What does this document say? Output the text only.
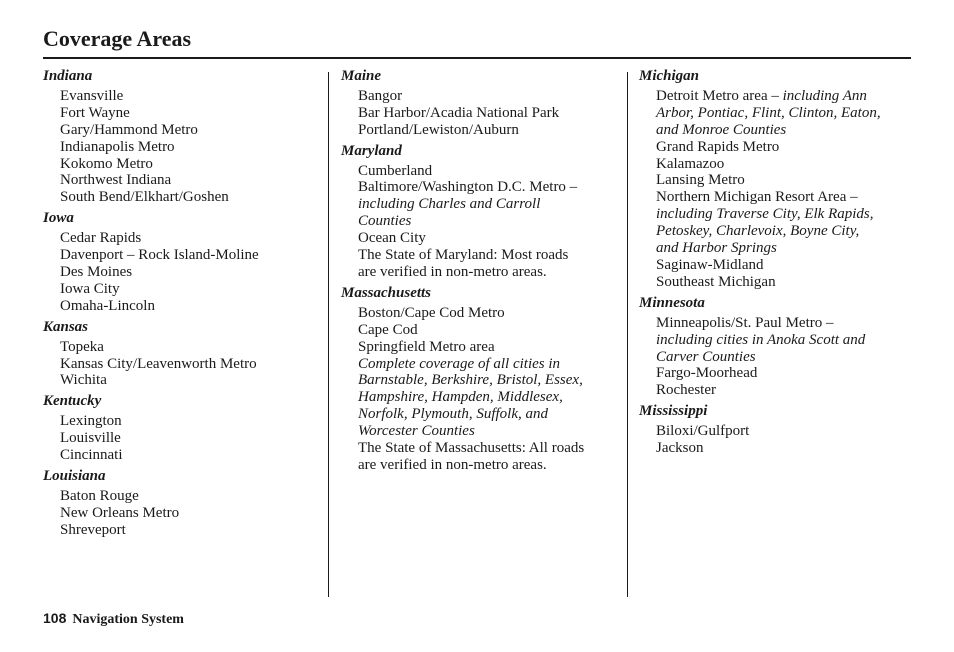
Coverage Areas
Indiana
Evansville
Fort Wayne
Gary/Hammond Metro
Indianapolis Metro
Kokomo Metro
Northwest Indiana
South Bend/Elkhart/Goshen
Iowa
Cedar Rapids
Davenport – Rock Island-Moline
Des Moines
Iowa City
Omaha-Lincoln
Kansas
Topeka
Kansas City/Leavenworth Metro
Wichita
Kentucky
Lexington
Louisville
Cincinnati
Louisiana
Baton Rouge
New Orleans Metro
Shreveport
Maine
Bangor
Bar Harbor/Acadia National Park
Portland/Lewiston/Auburn
Maryland
Cumberland
Baltimore/Washington D.C. Metro –
including Charles and Carroll
Counties
Ocean City
The State of Maryland: Most roads
are verified in non-metro areas.
Massachusetts
Boston/Cape Cod Metro
Cape Cod
Springfield Metro area
Complete coverage of all cities in
Barnstable, Berkshire, Bristol, Essex,
Hampshire, Hampden, Middlesex,
Norfolk, Plymouth, Suffolk, and
Worcester Counties
The State of Massachusetts: All roads
are verified in non-metro areas.
Michigan
Detroit Metro area – including Ann
Arbor, Pontiac, Flint, Clinton, Eaton,
and Monroe Counties
Grand Rapids Metro
Kalamazoo
Lansing Metro
Northern Michigan Resort Area –
including Traverse City, Elk Rapids,
Petoskey, Charlevoix, Boyne City,
and Harbor Springs
Saginaw-Midland
Southeast Michigan
Minnesota
Minneapolis/St. Paul Metro –
including cities in Anoka Scott and
Carver Counties
Fargo-Moorhead
Rochester
Mississippi
Biloxi/Gulfport
Jackson
108 Navigation System
